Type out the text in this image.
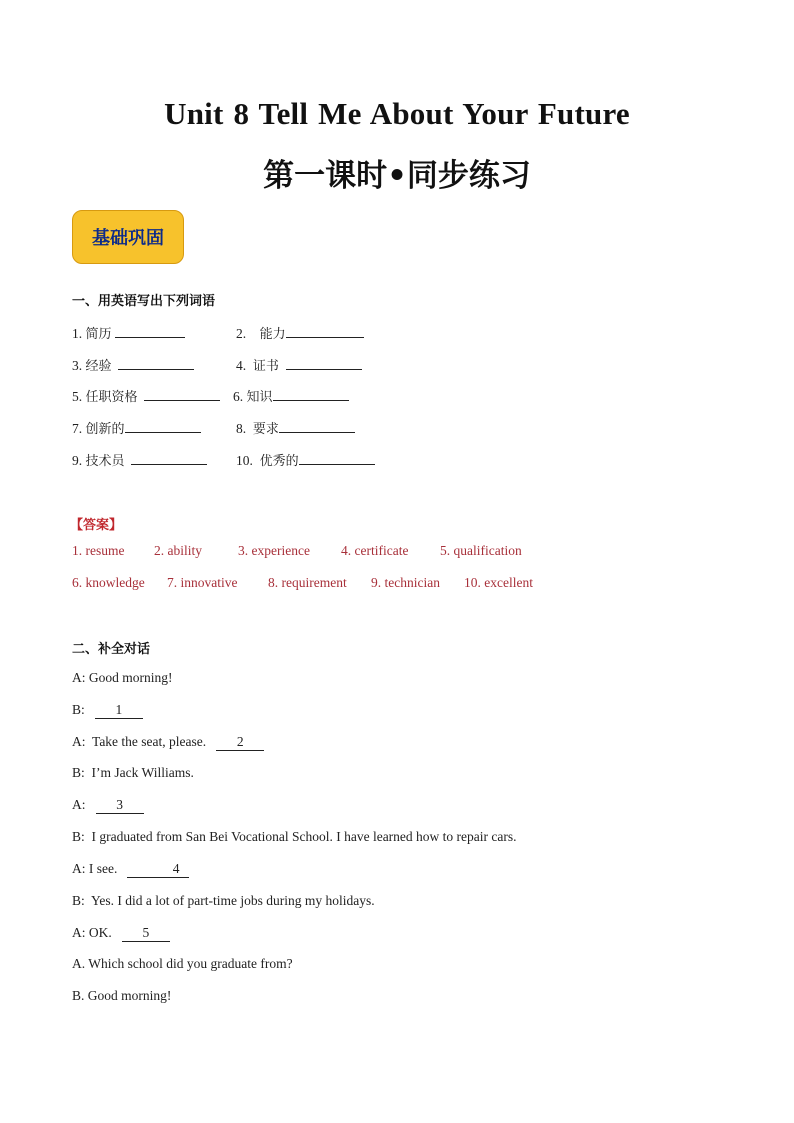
Unit 8 Tell Me About Your Future
第一课时•同步练习
基础巩固
一、用英语写出下列词语
1. 简历	2. 能力
3. 经验	4. 证书
5. 任职资格	6. 知识
7. 创新的	8. 要求
9. 技术员	10. 优秀的
【答案】
1. resume 2. ability	3. experience 4. certificate 5. qualification
6. knowledge 7. innovative 8. requirement 9. technician 10. excellent
二、补全对话
A: Good morning!
B: 1
A: Take the seat, please. 2
B: I’m Jack Williams.
A: 3
B: I graduated from San Bei Vocational School. I have learned how to repair cars.
A: I see.	4
B: Yes. I did a lot of part-time jobs during my holidays.
A: OK. 5
A. Which school did you graduate from?
B. Good morning!
